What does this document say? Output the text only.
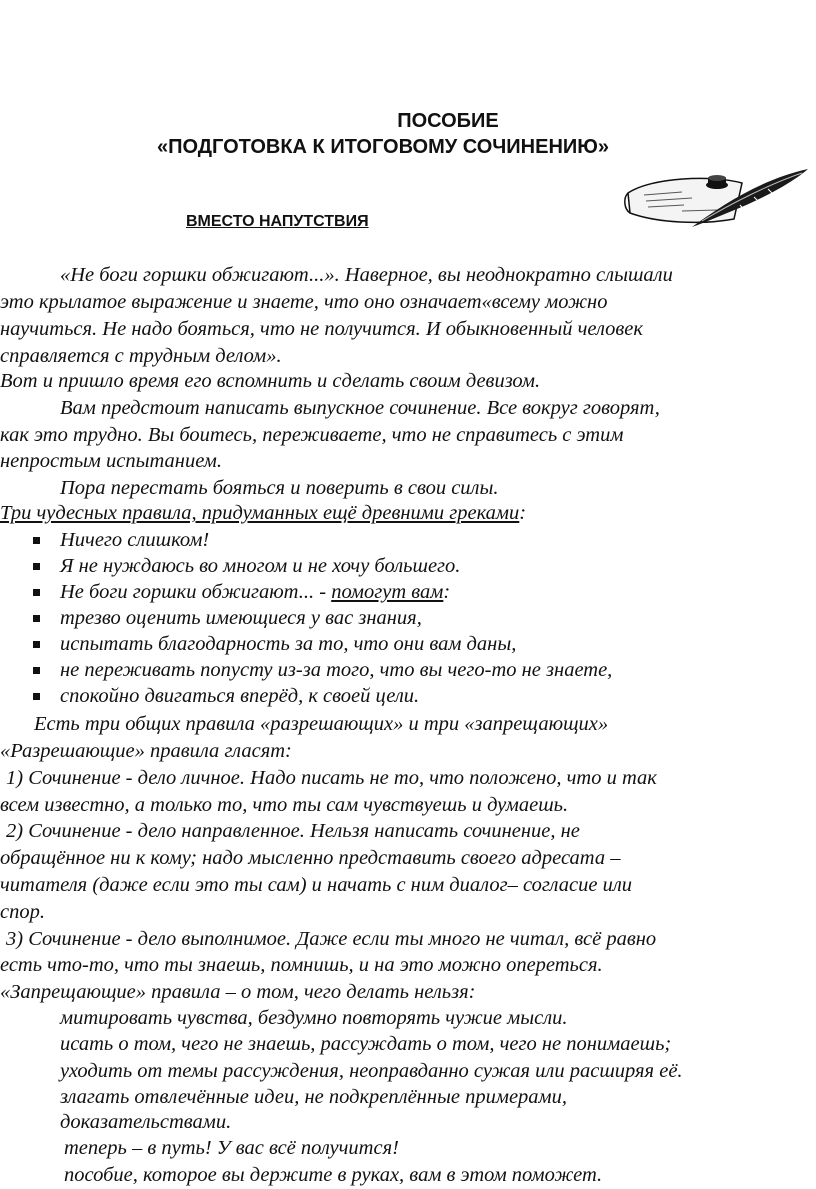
ПОСОБИЕ
«ПОДГОТОВКА К ИТОГОВОМУ СОЧИНЕНИЮ»
ВМЕСТО НАПУТСТВИЯ
«Не боги горшки обжигают...». Наверное, вы неоднократно слышали
это крылатое выражение и знаете, что оно означает«всему можно
научиться. Не надо бояться, что не получится. И обыкновенный человек
справляется с трудным делом».
Вот и пришло время его вспомнить и сделать своим девизом.
Вам предстоит написать выпускное сочинение. Все вокруг говорят,
как это трудно. Вы боитесь, переживаете, что не справитесь с этим
непростым испытанием.
Пора перестать бояться и поверить в свои силы.
Три чудесных правила, придуманных ещё древними греками:
Ничего слишком!
Я не нуждаюсь во многом и не хочу большего.
Не боги горшки обжигают... - помогут вам:
трезво оценить имеющиеся у вас знания,
испытать благодарность за то, что они вам даны,
не переживать попусту из-за того, что вы чего-то не знаете,
спокойно двигаться вперёд, к своей цели.
Есть три общих правила «разрешающих» и три «запрещающих»
«Разрешающие» правила гласят:
1) Сочинение - дело личное. Надо писать не то, что положено, что и так
всем известно, а только то, что ты сам чувствуешь и думаешь.
2) Сочинение - дело направленное. Нельзя написать сочинение, не
обращённое ни к кому; надо мысленно представить своего адресата –
читателя (даже если это ты сам) и начать с ним диалог– согласие или
спор.
3) Сочинение - дело выполнимое. Даже если ты много не читал, всё равно
есть что-то, что ты знаешь, помнишь, и на это можно опереться.
«Запрещающие» правила – о том, чего делать нельзя:
митировать чувства, бездумно повторять чужие мысли.
исать о том, чего не знаешь, рассуждать о том, чего не понимаешь;
уходить от темы рассуждения, неоправданно сужая или расширяя её.
злагать отвлечённые идеи, не подкреплённые примерами,
доказательствами.
теперь – в путь! У вас всё получится!
пособие, которое вы держите в руках, вам в этом поможет.
